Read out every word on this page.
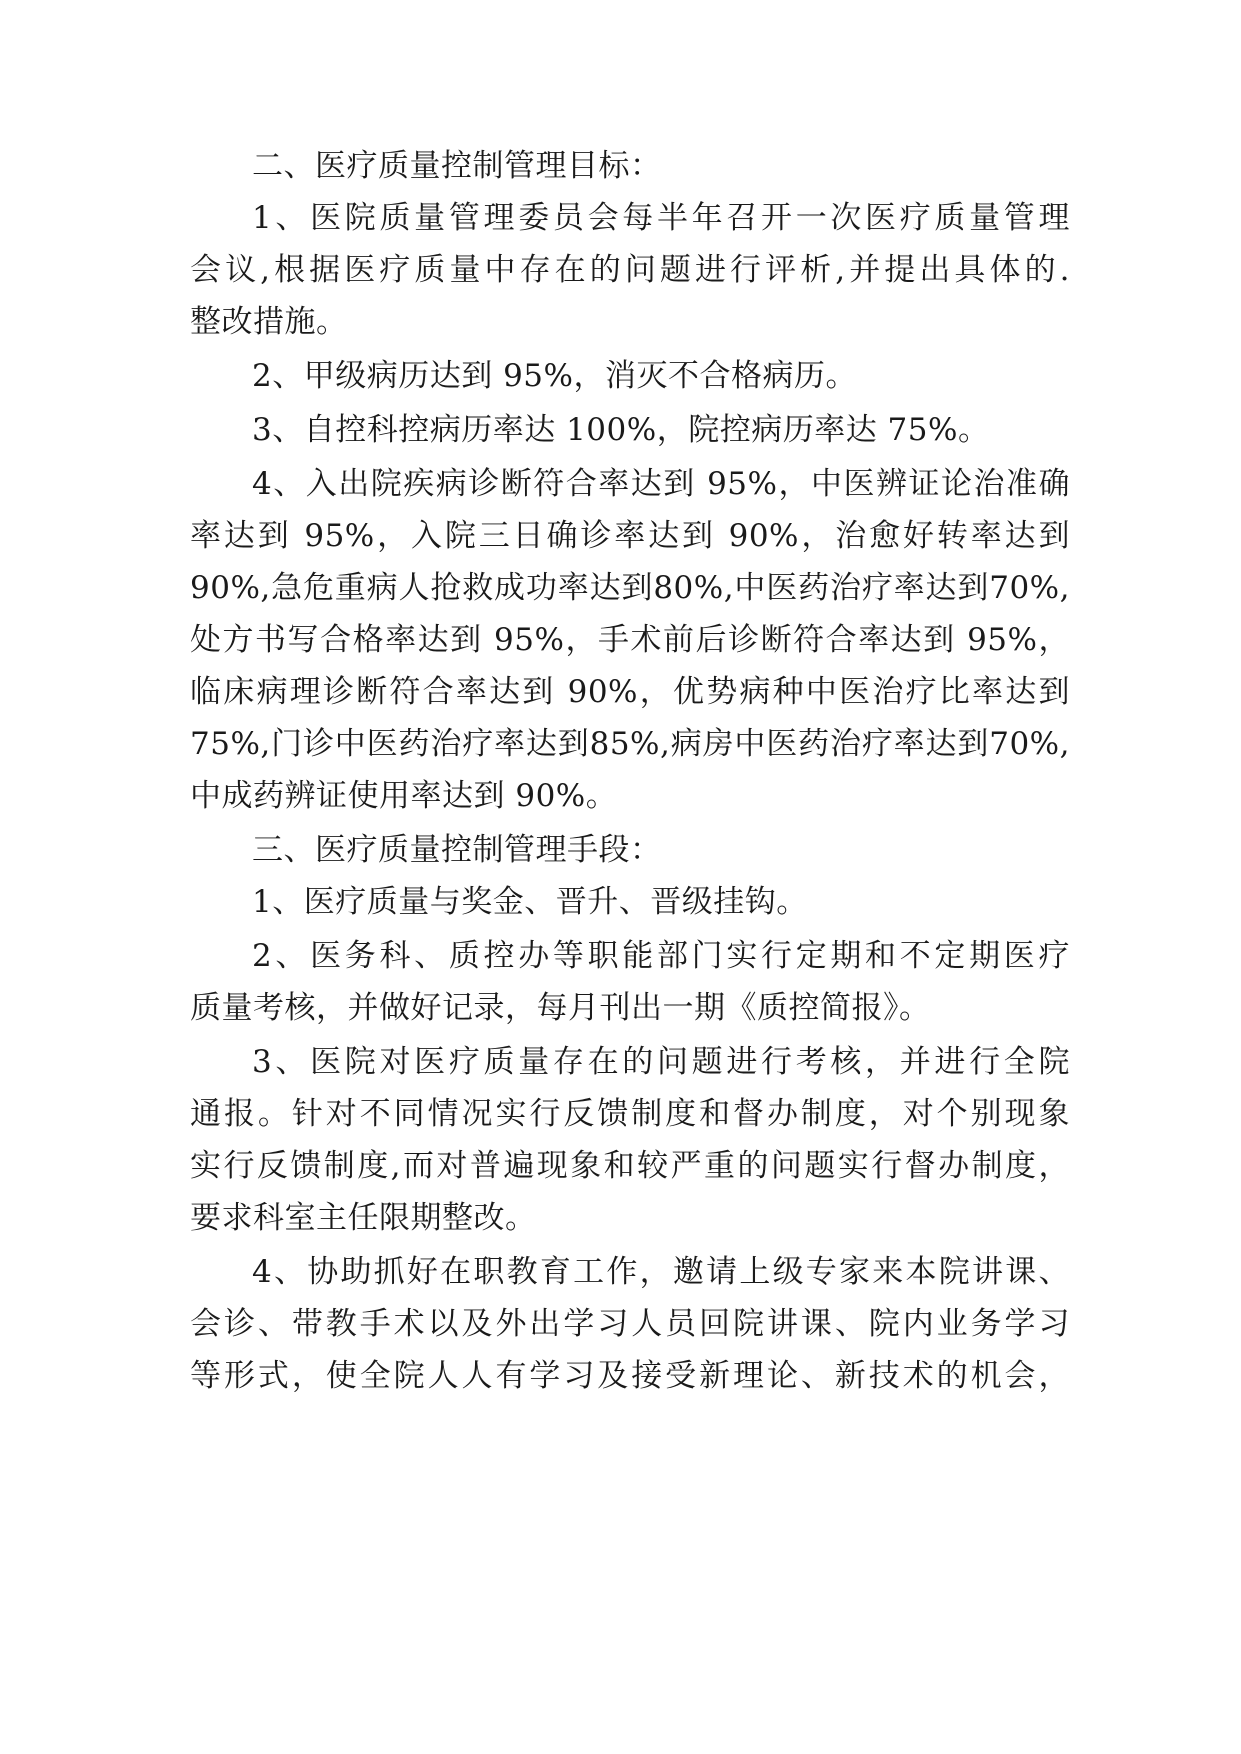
二、医疗质量控制管理目标：
1、医院质量管理委员会每半年召开一次医疗质量管理
会议,根据医疗质量中存在的问题进行评析,并提出具体的.
整改措施。
2、甲级病历达到 95%，消灭不合格病历。
3、自控科控病历率达 100%，院控病历率达 75%。
4、入出院疾病诊断符合率达到 95%，中医辨证论治准确
率达到 95%，入院三日确诊率达到 90%，治愈好转率达到
90%,急危重病人抢救成功率达到80%,中医药治疗率达到70%,
处方书写合格率达到 95%，手术前后诊断符合率达到 95%，
临床病理诊断符合率达到 90%，优势病种中医治疗比率达到
75%,门诊中医药治疗率达到85%,病房中医药治疗率达到70%,
中成药辨证使用率达到 90%。
三、医疗质量控制管理手段：
1、医疗质量与奖金、晋升、晋级挂钩。
2、医务科、质控办等职能部门实行定期和不定期医疗
质量考核，并做好记录，每月刊出一期《质控简报》。
3、医院对医疗质量存在的问题进行考核，并进行全院
通报。针对不同情况实行反馈制度和督办制度，对个别现象
实行反馈制度,而对普遍现象和较严重的问题实行督办制度，
要求科室主任限期整改。
4、协助抓好在职教育工作，邀请上级专家来本院讲课、
会诊、带教手术以及外出学习人员回院讲课、院内业务学习
等形式，使全院人人有学习及接受新理论、新技术的机会，
